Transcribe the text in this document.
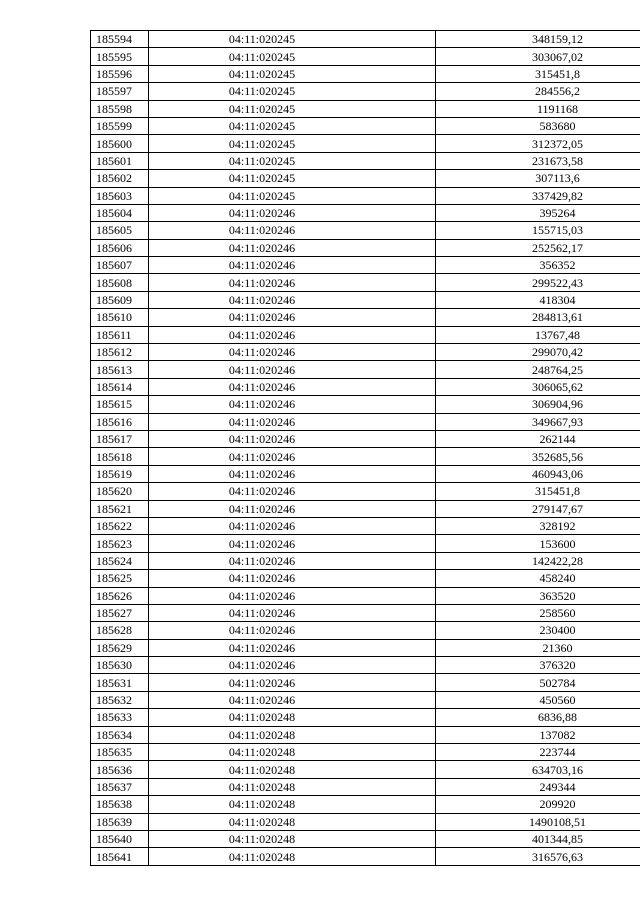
185594	04:11:020245	348159,12
185595	04:11:020245	303067,02
185596	04:11:020245	315451,8
185597	04:11:020245	284556,2
185598	04:11:020245	1191168
185599	04:11:020245	583680
185600	04:11:020245	312372,05
185601	04:11:020245	231673,58
185602	04:11:020245	307113,6
185603	04:11:020245	337429,82
185604	04:11:020246	395264
185605	04:11:020246	155715,03
185606	04:11:020246	252562,17
185607	04:11:020246	356352
185608	04:11:020246	299522,43
185609	04:11:020246	418304
185610	04:11:020246	284813,61
185611	04:11:020246	13767,48
185612	04:11:020246	299070,42
185613	04:11:020246	248764,25
185614	04:11:020246	306065,62
185615	04:11:020246	306904,96
185616	04:11:020246	349667,93
185617	04:11:020246	262144
185618	04:11:020246	352685,56
185619	04:11:020246	460943,06
185620	04:11:020246	315451,8
185621	04:11:020246	279147,67
185622	04:11:020246	328192
185623	04:11:020246	153600
185624	04:11:020246	142422,28
185625	04:11:020246	458240
185626	04:11:020246	363520
185627	04:11:020246	258560
185628	04:11:020246	230400
185629	04:11:020246	21360
185630	04:11:020246	376320
185631	04:11:020246	502784
185632	04:11:020246	450560
185633	04:11:020248	6836,88
185634	04:11:020248	137082
185635	04:11:020248	223744
185636	04:11:020248	634703,16
185637	04:11:020248	249344
185638	04:11:020248	209920
185639	04:11:020248	1490108,51
185640	04:11:020248	401344,85
185641	04:11:020248	316576,63
